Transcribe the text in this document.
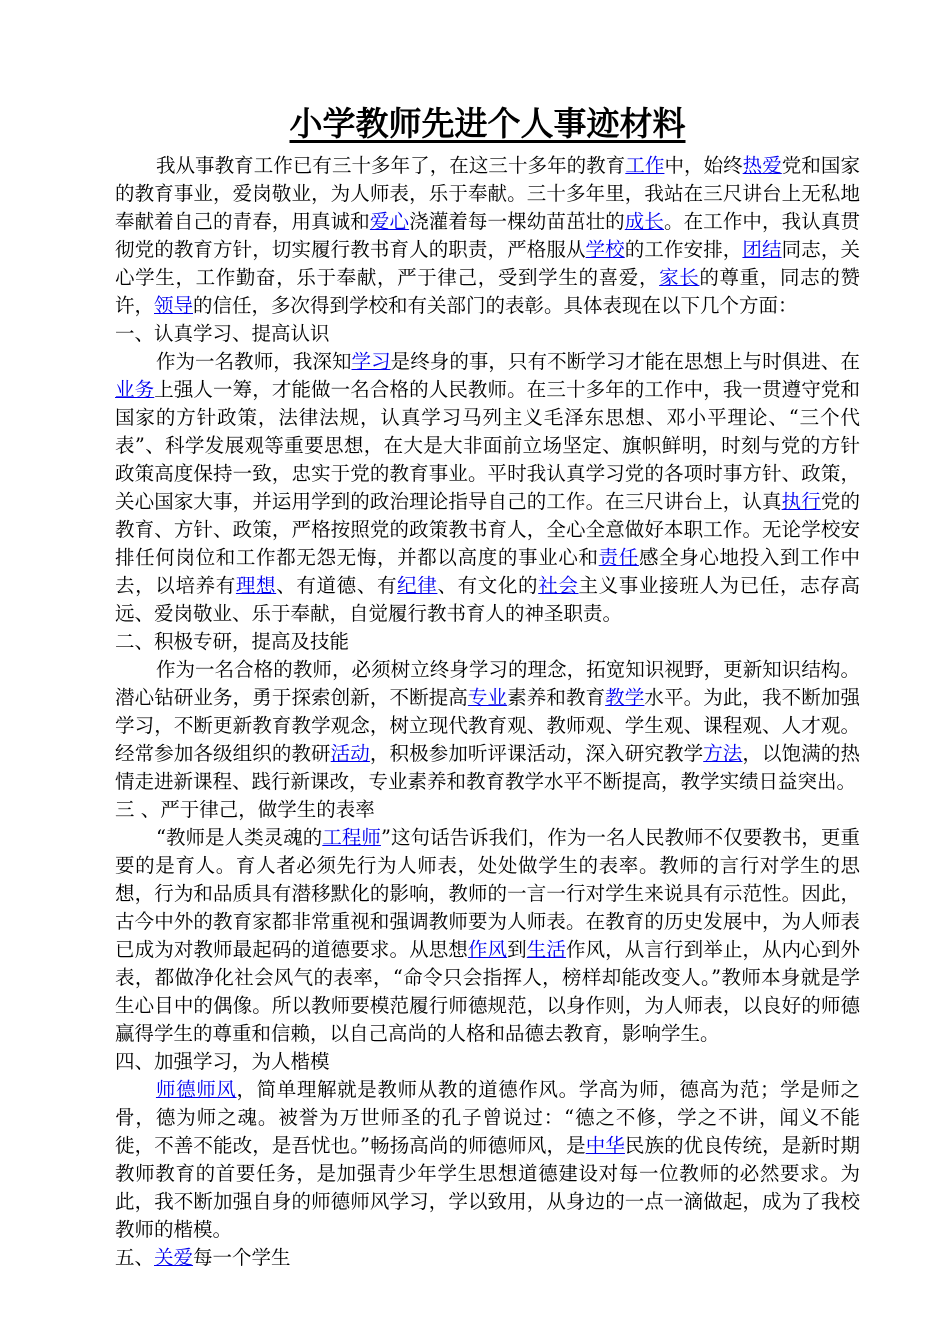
小学教师先进个人事迹材料

我从事教育工作已有三十多年了，在这三十多年的教育工作中，始终热爱党和国家的教育事业，爱岗敬业，为人师表，乐于奉献。三十多年里，我站在三尺讲台上无私地奉献着自己的青春，用真诚和爱心浇灌着每一棵幼苗茁壮的成长。在工作中，我认真贯彻党的教育方针，切实履行教书育人的职责，严格服从学校的工作安排，团结同志，关心学生，工作勤奋，乐于奉献，严于律己，受到学生的喜爱，家长的尊重，同志的赞许，领导的信任，多次得到学校和有关部门的表彰。具体表现在以下几个方面：

一、认真学习、提高认识

作为一名教师，我深知学习是终身的事，只有不断学习才能在思想上与时俱进、在业务上强人一筹，才能做一名合格的人民教师。在三十多年的工作中，我一贯遵守党和国家的方针政策，法律法规，认真学习马列主义毛泽东思想、邓小平理论、“三个代表”、科学发展观等重要思想，在大是大非面前立场坚定、旗帜鲜明，时刻与党的方针政策高度保持一致，忠实于党的教育事业。平时我认真学习党的各项时事方针、政策，关心国家大事，并运用学到的政治理论指导自己的工作。在三尺讲台上，认真执行党的教育、方针、政策，严格按照党的政策教书育人，全心全意做好本职工作。无论学校安排任何岗位和工作都无怨无悔，并都以高度的事业心和责任感全身心地投入到工作中去，以培养有理想、有道德、有纪律、有文化的社会主义事业接班人为已任，志存高远、爱岗敬业、乐于奉献，自觉履行教书育人的神圣职责。

二、积极专研，提高及技能

作为一名合格的教师，必须树立终身学习的理念，拓宽知识视野，更新知识结构。潜心钻研业务，勇于探索创新，不断提高专业素养和教育教学水平。为此，我不断加强学习，不断更新教育教学观念，树立现代教育观、教师观、学生观、课程观、人才观。经常参加各级组织的教研活动，积极参加听评课活动，深入研究教学方法，以饱满的热情走进新课程、践行新课改，专业素养和教育教学水平不断提高，教学实绩日益突出。

三 、严于律己，做学生的表率

“教师是人类灵魂的工程师”这句话告诉我们，作为一名人民教师不仅要教书，更重要的是育人。育人者必须先行为人师表，处处做学生的表率。教师的言行对学生的思想，行为和品质具有潜移默化的影响，教师的一言一行对学生来说具有示范性。因此，古今中外的教育家都非常重视和强调教师要为人师表。在教育的历史发展中，为人师表已成为对教师最起码的道德要求。从思想作风到生活作风，从言行到举止，从内心到外表，都做净化社会风气的表率，“命令只会指挥人，榜样却能改变人。”教师本身就是学生心目中的偶像。所以教师要模范履行师德规范，以身作则，为人师表，以良好的师德赢得学生的尊重和信赖，以自己高尚的人格和品德去教育，影响学生。

四、加强学习，为人楷模

师德师风，简单理解就是教师从教的道德作风。学高为师，德高为范；学是师之骨，德为师之魂。被誉为万世师圣的孔子曾说过：“德之不修，学之不讲，闻义不能徙，不善不能改，是吾忧也。”畅扬高尚的师德师风，是中华民族的优良传统，是新时期教师教育的首要任务，是加强青少年学生思想道德建设对每一位教师的必然要求。为此，我不断加强自身的师德师风学习，学以致用，从身边的一点一滴做起，成为了我校教师的楷模。

五、关爱每一个学生
